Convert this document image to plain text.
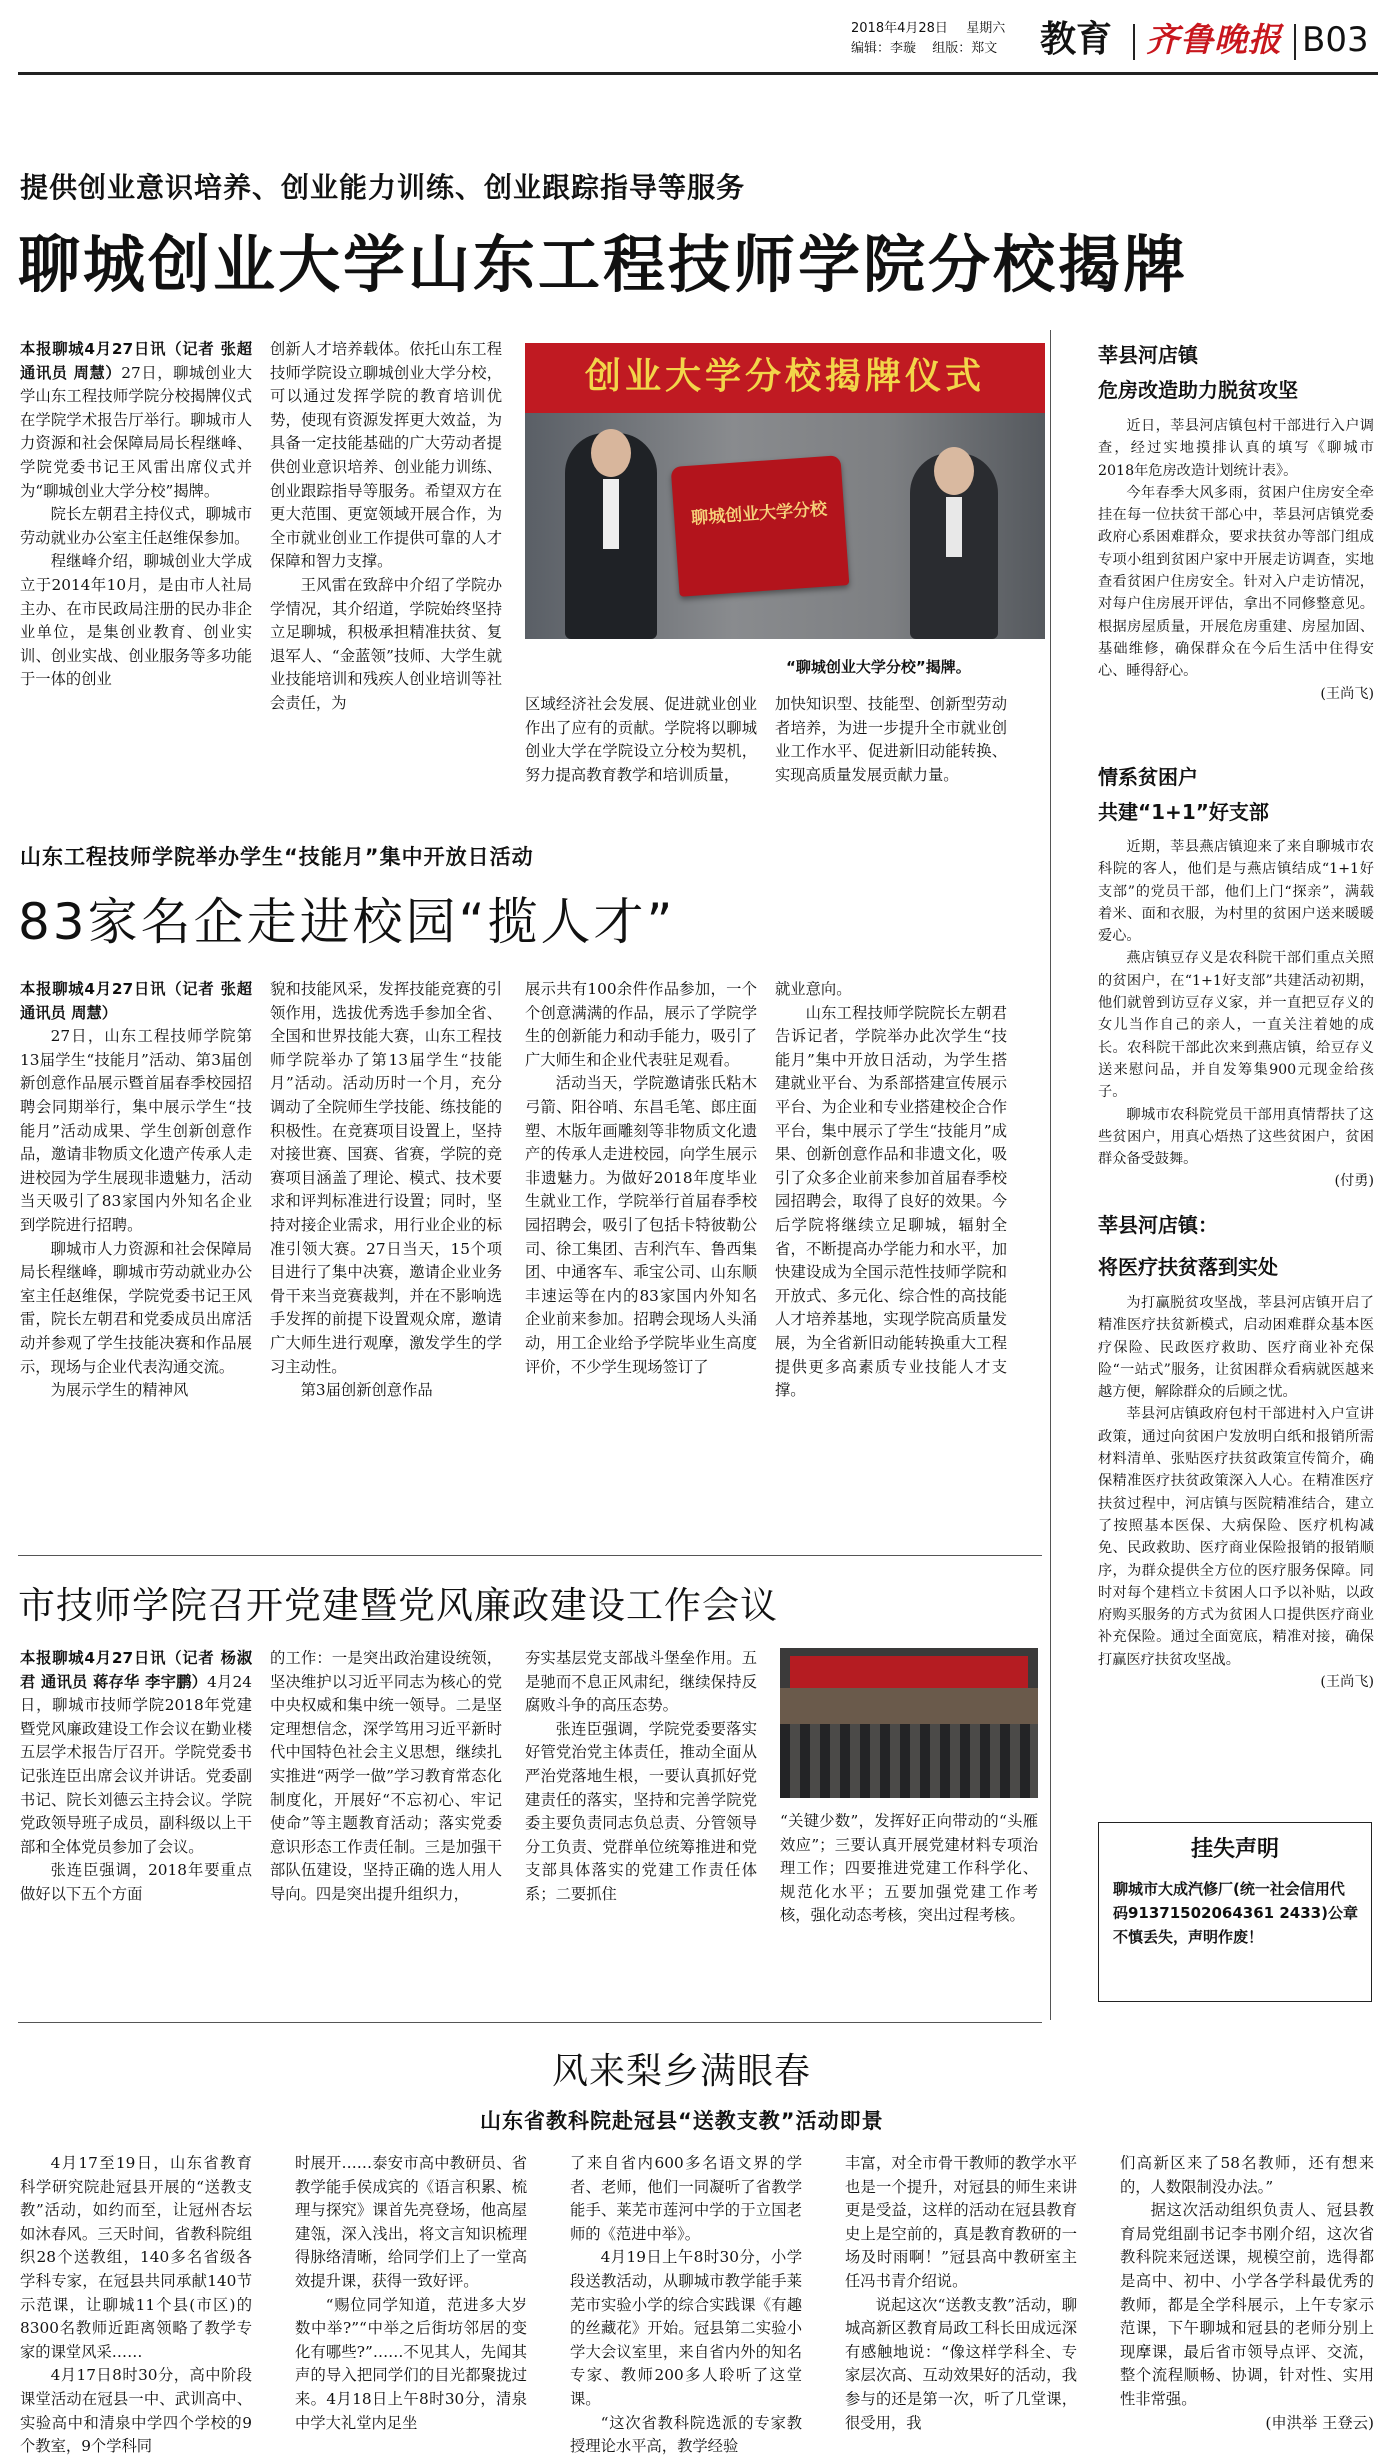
2018年4月28日 星期六
编辑：李璇 组版：郑文	教育 齐鲁晚报 B03
提供创业意识培养、创业能力训练、创业跟踪指导等服务
聊城创业大学山东工程技师学院分校揭牌

本报聊城4月27日讯（记者 张超 通讯员 周慧）27日，聊城创业大学山东工程技师学院分校揭牌仪式在学院学术报告厅举行。聊城市人力资源和社会保障局局长程继峰、学院党委书记王风雷出席仪式并为“聊城创业大学分校”揭牌。

院长左朝君主持仪式，聊城市劳动就业办公室主任赵维保参加。

程继峰介绍，聊城创业大学成立于2014年10月，是由市人社局主办、在市民政局注册的民办非企业单位，是集创业教育、创业实训、创业实战、创业服务等多功能于一体的创业

创新人才培养载体。依托山东工程技师学院设立聊城创业大学分校，可以通过发挥学院的教育培训优势，使现有资源发挥更大效益，为具备一定技能基础的广大劳动者提供创业意识培养、创业能力训练、创业跟踪指导等服务。希望双方在更大范围、更宽领域开展合作，为全市就业创业工作提供可靠的人才保障和智力支撑。

王风雷在致辞中介绍了学院办学情况，其介绍道，学院始终坚持立足聊城，积极承担精准扶贫、复退军人、“金蓝领”技师、大学生就业技能培训和残疾人创业培训等社会责任，为

创业大学分校揭牌仪式
聊城创业大学分校
“聊城创业大学分校”揭牌。

区域经济社会发展、促进就业创业作出了应有的贡献。学院将以聊城创业大学在学院设立分校为契机，努力提高教育教学和培训质量，

加快知识型、技能型、创新型劳动者培养，为进一步提升全市就业创业工作水平、促进新旧动能转换、实现高质量发展贡献力量。

山东工程技师学院举办学生“技能月”集中开放日活动
83家名企走进校园“揽人才”

本报聊城4月27日讯（记者 张超 通讯员 周慧）

27日，山东工程技师学院第13届学生“技能月”活动、第3届创新创意作品展示暨首届春季校园招聘会同期举行，集中展示学生“技能月”活动成果、学生创新创意作品，邀请非物质文化遗产传承人走进校园为学生展现非遗魅力，活动当天吸引了83家国内外知名企业到学院进行招聘。

聊城市人力资源和社会保障局局长程继峰，聊城市劳动就业办公室主任赵维保，学院党委书记王风雷，院长左朝君和党委成员出席活动并参观了学生技能决赛和作品展示，现场与企业代表沟通交流。

为展示学生的精神风

貌和技能风采，发挥技能竞赛的引领作用，选拔优秀选手参加全省、全国和世界技能大赛，山东工程技师学院举办了第13届学生“技能月”活动。活动历时一个月，充分调动了全院师生学技能、练技能的积极性。在竞赛项目设置上，坚持对接世赛、国赛、省赛，学院的竞赛项目涵盖了理论、模式、技术要求和评判标准进行设置；同时，坚持对接企业需求，用行业企业的标准引领大赛。27日当天，15个项目进行了集中决赛，邀请企业业务骨干来当竞赛裁判，并在不影响选手发挥的前提下设置观众席，邀请广大师生进行观摩，激发学生的学习主动性。

第3届创新创意作品

展示共有100余件作品参加，一个个创意满满的作品，展示了学院学生的创新能力和动手能力，吸引了广大师生和企业代表驻足观看。

活动当天，学院邀请张氏粘木弓箭、阳谷哨、东昌毛笔、郎庄面塑、木版年画雕刻等非物质文化遗产的传承人走进校园，向学生展示非遗魅力。为做好2018年度毕业生就业工作，学院举行首届春季校园招聘会，吸引了包括卡特彼勒公司、徐工集团、吉利汽车、鲁西集团、中通客车、乖宝公司、山东顺丰速运等在内的83家国内外知名企业前来参加。招聘会现场人头涌动，用工企业给予学院毕业生高度评价，不少学生现场签订了

就业意向。

山东工程技师学院院长左朝君告诉记者，学院举办此次学生“技能月”集中开放日活动，为学生搭建就业平台、为系部搭建宣传展示平台、为企业和专业搭建校企合作平台，集中展示了学生“技能月”成果、创新创意作品和非遗文化，吸引了众多企业前来参加首届春季校园招聘会，取得了良好的效果。今后学院将继续立足聊城，辐射全省，不断提高办学能力和水平，加快建设成为全国示范性技师学院和开放式、多元化、综合性的高技能人才培养基地，实现学院高质量发展，为全省新旧动能转换重大工程提供更多高素质专业技能人才支撑。

市技师学院召开党建暨党风廉政建设工作会议

本报聊城4月27日讯（记者 杨淑君 通讯员 蒋存华 李宇鹏）4月24日，聊城市技师学院2018年党建暨党风廉政建设工作会议在勤业楼五层学术报告厅召开。学院党委书记张连臣出席会议并讲话。党委副书记、院长刘德云主持会议。学院党政领导班子成员，副科级以上干部和全体党员参加了会议。

张连臣强调，2018年要重点做好以下五个方面

的工作：一是突出政治建设统领，坚决维护以习近平同志为核心的党中央权威和集中统一领导。二是坚定理想信念，深学笃用习近平新时代中国特色社会主义思想，继续扎实推进“两学一做”学习教育常态化制度化，开展好“不忘初心、牢记使命”等主题教育活动；落实党委意识形态工作责任制。三是加强干部队伍建设，坚持正确的选人用人导向。四是突出提升组织力，

夯实基层党支部战斗堡垒作用。五是驰而不息正风肃纪，继续保持反腐败斗争的高压态势。

张连臣强调，学院党委要落实好管党治党主体责任，推动全面从严治党落地生根，一要认真抓好党建责任的落实，坚持和完善学院党委主要负责同志负总责、分管领导分工负责、党群单位统筹推进和党支部具体落实的党建工作责任体系；二要抓住

“关键少数”，发挥好正向带动的“头雁效应”；三要认真开展党建材料专项治理工作；四要推进党建工作科学化、规范化水平；五要加强党建工作考核，强化动态考核，突出过程考核。

风来梨乡满眼春
山东省教科院赴冠县“送教支教”活动即景

4月17至19日，山东省教育科学研究院赴冠县开展的“送教支教”活动，如约而至，让冠州杏坛如沐春风。三天时间，省教科院组织28个送教组，140多名省级各学科专家，在冠县共同承献140节示范课，让聊城11个县(市区)的8300名教师近距离领略了教学专家的课堂风采……

4月17日8时30分，高中阶段课堂活动在冠县一中、武训高中、实验高中和清泉中学四个学校的9个教室，9个学科同

时展开……泰安市高中教研员、省教学能手侯成宾的《语言积累、梳理与探究》课首先亮登场，他高屋建瓴，深入浅出，将文言知识梳理得脉络清晰，给同学们上了一堂高效提升课，获得一致好评。

“赐位同学知道，范进多大岁数中举?”“中举之后街坊邻居的变化有哪些?”……不见其人，先闻其声的导入把同学们的目光都聚拢过来。4月18日上午8时30分，清泉中学大礼堂内足坐

了来自省内600多名语文界的学者、老师，他们一同凝听了省教学能手、莱芜市莲河中学的于立国老师的《范进中举》。

4月19日上午8时30分，小学段送教活动，从聊城市教学能手莱芜市实验小学的综合实践课《有趣的丝藏花》开始。冠县第二实验小学大会议室里，来自省内外的知名专家、教师200多人聆听了这堂课。

“这次省教科院选派的专家教授理论水平高，教学经验

丰富，对全市骨干教师的教学水平也是一个提升，对冠县的师生来讲更是受益，这样的活动在冠县教育史上是空前的，真是教育教研的一场及时雨啊！”冠县高中教研室主任冯书青介绍说。

说起这次“送教支教”活动，聊城高新区教育局政工科长田成远深有感触地说：“像这样学科全、专家层次高、互动效果好的活动，我参与的还是第一次，听了几堂课，很受用，我

们高新区来了58名教师，还有想来的，人数限制没办法。”

据这次活动组织负责人、冠县教育局党组副书记李书刚介绍，这次省教科院来冠送课，规模空前，选得都是高中、初中、小学各学科最优秀的教师，都是全学科展示，上午专家示范课，下午聊城和冠县的老师分别上现摩课，最后省市领导点评、交流，整个流程顺畅、协调，针对性、实用性非常强。

(申洪举 王登云)
莘县河店镇
危房改造助力脱贫攻坚

近日，莘县河店镇包村干部进行入户调查，经过实地摸排认真的填写《聊城市2018年危房改造计划统计表》。

今年春季大风多雨，贫困户住房安全牵挂在每一位扶贫干部心中，莘县河店镇党委政府心系困难群众，要求扶贫办等部门组成专项小组到贫困户家中开展走访调查，实地查看贫困户住房安全。针对入户走访情况，对每户住房展开评估，拿出不同修整意见。根据房屋质量，开展危房重建、房屋加固、基础维修，确保群众在今后生活中住得安心、睡得舒心。

(王尚飞)
情系贫困户
共建“1+1”好支部

近期，莘县燕店镇迎来了来自聊城市农科院的客人，他们是与燕店镇结成“1+1好支部”的党员干部，他们上门“探亲”，满载着米、面和衣服，为村里的贫困户送来暖暖爱心。

燕店镇豆存义是农科院干部们重点关照的贫困户，在“1+1好支部”共建活动初期，他们就曾到访豆存义家，并一直把豆存义的女儿当作自己的亲人，一直关注着她的成长。农科院干部此次来到燕店镇，给豆存义送来慰问品，并自发筹集900元现金给孩子。

聊城市农科院党员干部用真情帮扶了这些贫困户，用真心焐热了这些贫困户，贫困群众备受鼓舞。

(付勇)
莘县河店镇：
将医疗扶贫落到实处

为打赢脱贫攻坚战，莘县河店镇开启了精准医疗扶贫新模式，启动困难群众基本医疗保险、民政医疗救助、医疗商业补充保险“一站式”服务，让贫困群众看病就医越来越方便，解除群众的后顾之忧。

莘县河店镇政府包村干部进村入户宣讲政策，通过向贫困户发放明白纸和报销所需材料清单、张贴医疗扶贫政策宣传简介，确保精准医疗扶贫政策深入人心。在精准医疗扶贫过程中，河店镇与医院精准结合，建立了按照基本医保、大病保险、医疗机构减免、民政救助、医疗商业保险报销的报销顺序，为群众提供全方位的医疗服务保障。同时对每个建档立卡贫困人口予以补贴，以政府购买服务的方式为贫困人口提供医疗商业补充保险。通过全面宽底，精准对接，确保打赢医疗扶贫攻坚战。

(王尚飞)
挂失声明
聊城市大成汽修厂(统一社会信用代码91371502064361 2433)公章不慎丢失，声明作废！
